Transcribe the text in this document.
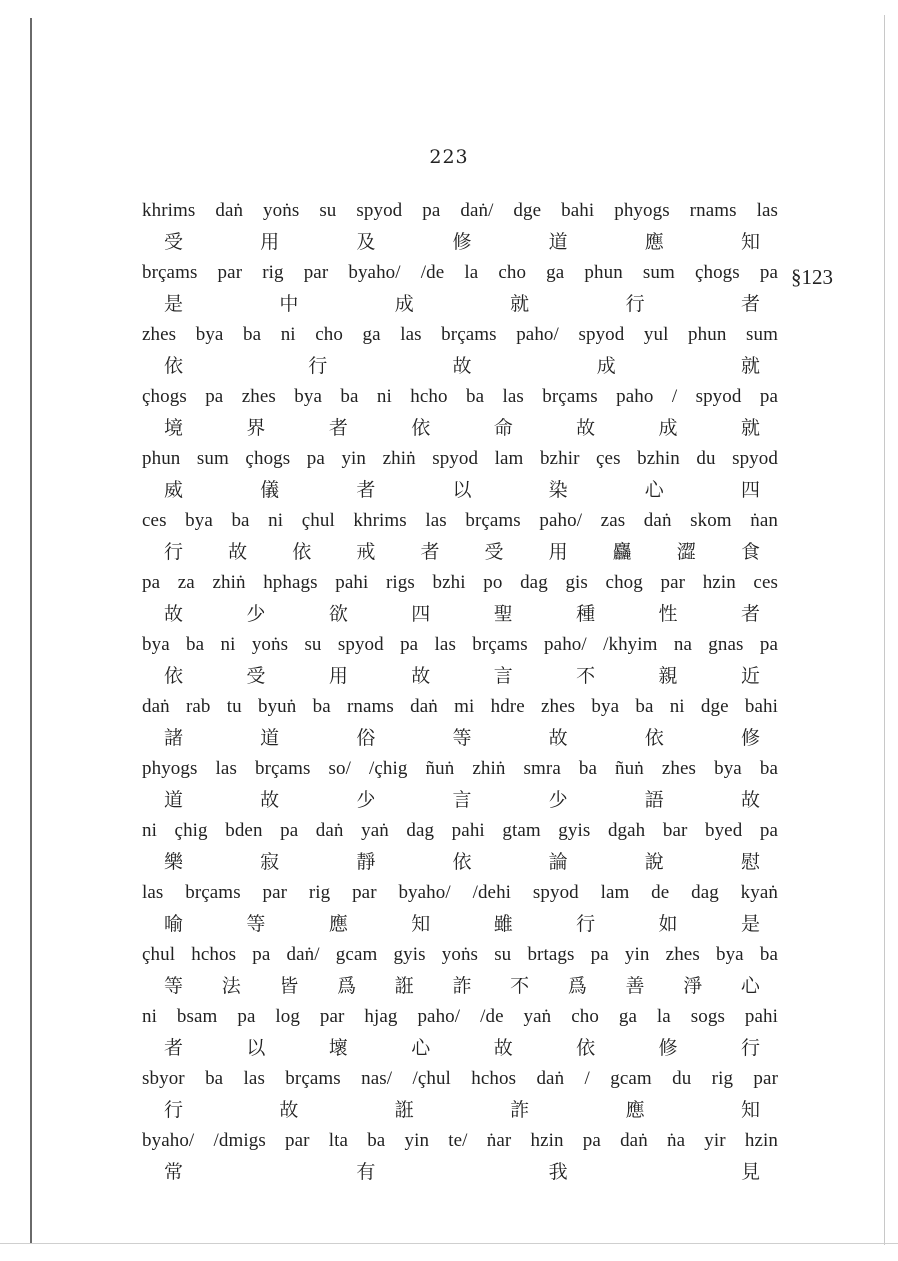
223
§123
khrims daṅ yoṅs su spyod pa daṅ/ dge bahi phyogs rnams las
受	用	及	修	道	應	知
brçams par rig par byaho/ /de la cho ga phun sum çhogs pa
是	中	成	就	行	者
zhes bya ba ni cho ga las brçams paho/ spyod yul phun sum
依	行	故	成	就
çhogs pa zhes bya ba ni hcho ba las brçams paho / spyod pa
境	界	者	依	命	故	成	就
phun sum çhogs pa yin zhiṅ spyod lam bzhir çes bzhin du spyod
威	儀	者	以	染	心	四
ces bya ba ni çhul khrims las brçams paho/ zas daṅ skom ṅan
行 故 依 戒 者 受 用 麤 澀 食
pa za zhiṅ hphags pahi rigs bzhi po dag gis chog par hzin ces
故	少	欲	四	聖	種	性	者
bya ba ni yoṅs su spyod pa las brçams paho/ /khyim na gnas pa
依	受	用	故	言	不	親	近
daṅ rab tu byuṅ ba rnams daṅ mi hdre zhes bya ba ni dge bahi
諸	道	俗	等	故	依	修
phyogs las brçams so/ /çhig ñuṅ zhiṅ smra ba ñuṅ zhes bya ba
道	故	少	言	少	語	故
ni çhig bden pa daṅ yaṅ dag pahi gtam gyis dgah bar byed pa
樂	寂	靜	依	論	說	慰
las brçams par rig par byaho/ /dehi spyod lam de dag kyaṅ
喻	等	應	知	雖	行	如	是
çhul hchos pa daṅ/ gcam gyis yoṅs su brtags pa yin zhes bya ba
等 法 皆 爲 誑 詐 不 爲 善 淨 心
ni bsam pa log par hjag paho/ /de yaṅ cho ga la sogs pahi
者	以	壞	心	故	依	修	行
sbyor ba las brçams nas/ /çhul hchos daṅ / gcam du rig par
行	故	誑	詐	應	知
byaho/ /dmigs par lta ba yin te/ ṅar hzin pa daṅ ṅa yir hzin
常	有	我	見
